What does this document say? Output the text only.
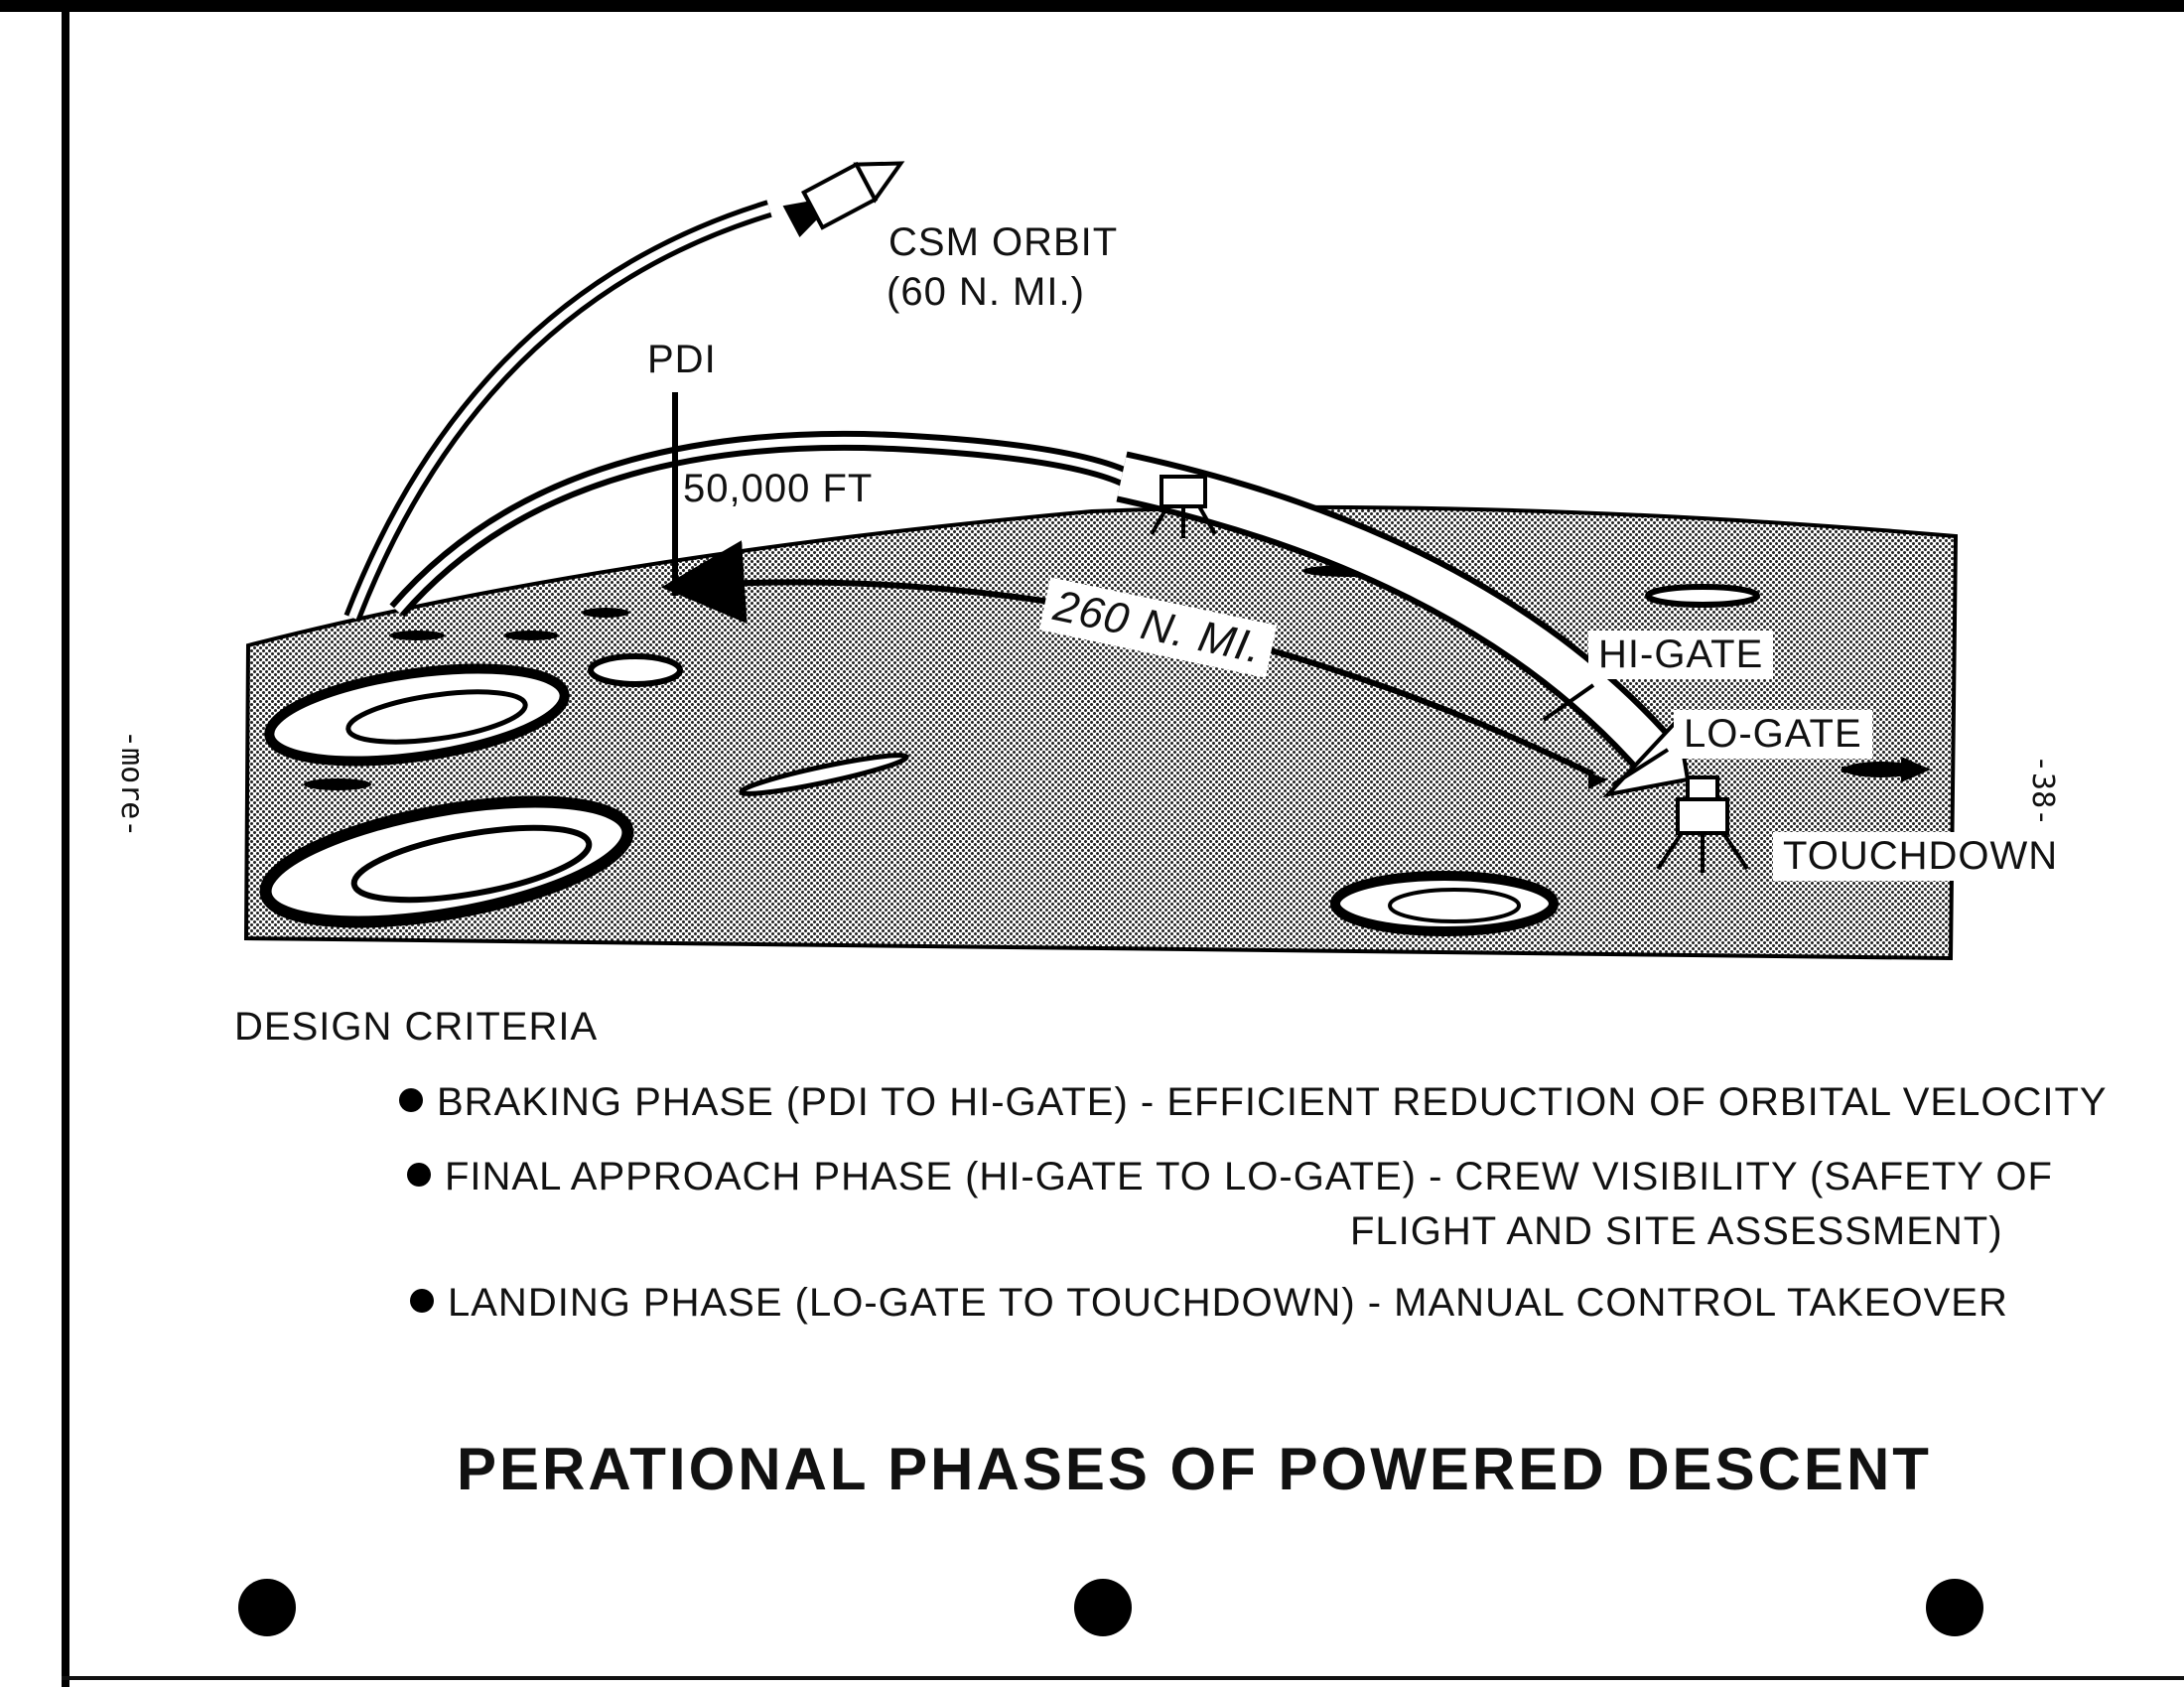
CSM ORBIT
(60 N. MI.)
PDI
50,000 FT
260 N. MI.	HI-GATE
LO-GATE
TOUCHDOWN
-more-	-38-
DESIGN CRITERIA
BRAKING PHASE (PDI TO HI-GATE) - EFFICIENT REDUCTION OF ORBITAL VELOCITY
FINAL APPROACH PHASE (HI-GATE TO LO-GATE) - CREW VISIBILITY (SAFETY OF
FLIGHT AND SITE ASSESSMENT)
LANDING PHASE (LO-GATE TO TOUCHDOWN) - MANUAL CONTROL TAKEOVER
PERATIONAL PHASES OF POWERED DESCENT
